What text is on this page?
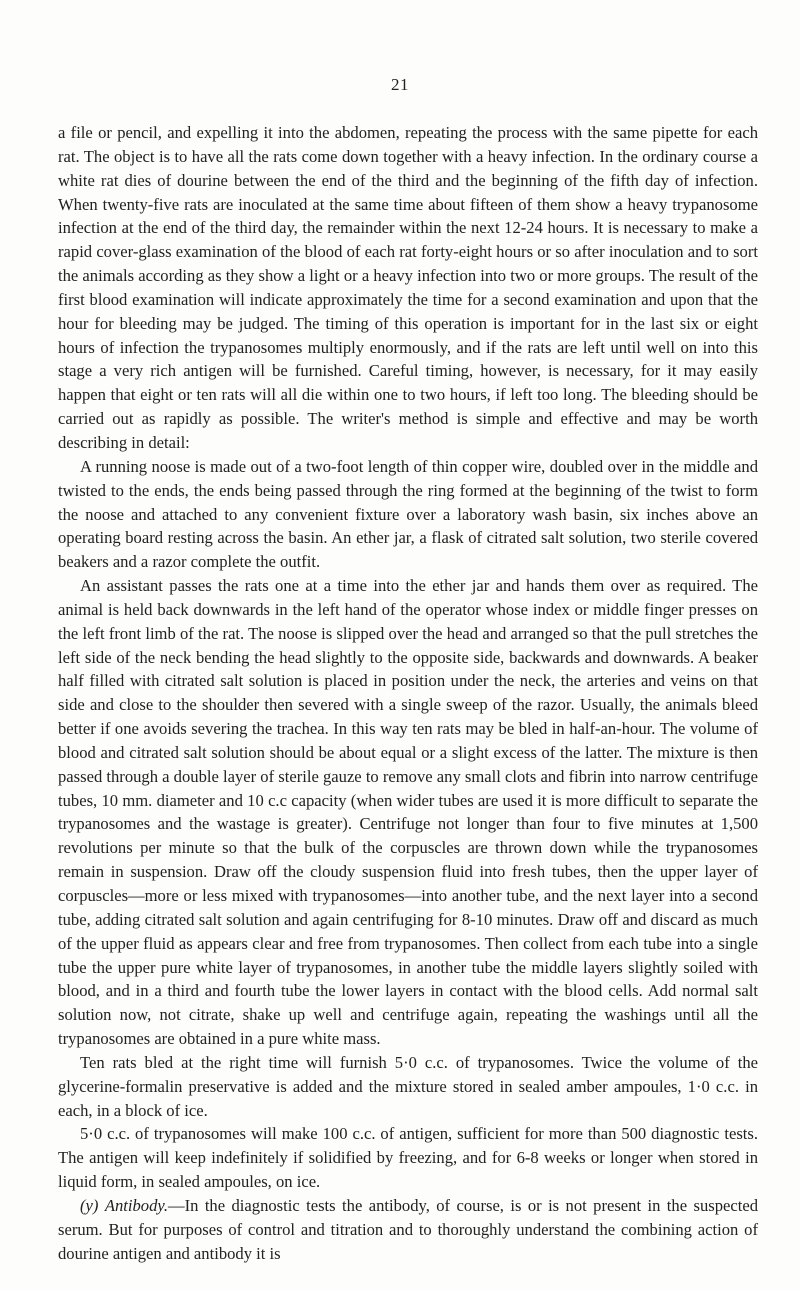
21

a file or pencil, and expelling it into the abdomen, repeating the process with the same pipette for each rat. The object is to have all the rats come down together with a heavy infection. In the ordinary course a white rat dies of dourine between the end of the third and the beginning of the fifth day of infection. When twenty-five rats are inoculated at the same time about fifteen of them show a heavy trypanosome infection at the end of the third day, the remainder within the next 12-24 hours. It is necessary to make a rapid cover-glass examination of the blood of each rat forty-eight hours or so after inoculation and to sort the animals according as they show a light or a heavy infection into two or more groups. The result of the first blood examination will indicate approximately the time for a second examination and upon that the hour for bleeding may be judged. The timing of this operation is important for in the last six or eight hours of infection the trypanosomes multiply enormously, and if the rats are left until well on into this stage a very rich antigen will be furnished. Careful timing, however, is necessary, for it may easily happen that eight or ten rats will all die within one to two hours, if left too long. The bleeding should be carried out as rapidly as possible. The writer's method is simple and effective and may be worth describing in detail:

A running noose is made out of a two-foot length of thin copper wire, doubled over in the middle and twisted to the ends, the ends being passed through the ring formed at the beginning of the twist to form the noose and attached to any convenient fixture over a laboratory wash basin, six inches above an operating board resting across the basin. An ether jar, a flask of citrated salt solution, two sterile covered beakers and a razor complete the outfit.

An assistant passes the rats one at a time into the ether jar and hands them over as required. The animal is held back downwards in the left hand of the operator whose index or middle finger presses on the left front limb of the rat. The noose is slipped over the head and arranged so that the pull stretches the left side of the neck bending the head slightly to the opposite side, backwards and downwards. A beaker half filled with citrated salt solution is placed in position under the neck, the arteries and veins on that side and close to the shoulder then severed with a single sweep of the razor. Usually, the animals bleed better if one avoids severing the trachea. In this way ten rats may be bled in half-an-hour. The volume of blood and citrated salt solution should be about equal or a slight excess of the latter. The mixture is then passed through a double layer of sterile gauze to remove any small clots and fibrin into narrow centrifuge tubes, 10 mm. diameter and 10 c.c capacity (when wider tubes are used it is more difficult to separate the trypanosomes and the wastage is greater). Centrifuge not longer than four to five minutes at 1,500 revolutions per minute so that the bulk of the corpuscles are thrown down while the trypanosomes remain in suspension. Draw off the cloudy suspension fluid into fresh tubes, then the upper layer of corpuscles—more or less mixed with trypanosomes—into another tube, and the next layer into a second tube, adding citrated salt solution and again centrifuging for 8-10 minutes. Draw off and discard as much of the upper fluid as appears clear and free from trypanosomes. Then collect from each tube into a single tube the upper pure white layer of trypanosomes, in another tube the middle layers slightly soiled with blood, and in a third and fourth tube the lower layers in contact with the blood cells. Add normal salt solution now, not citrate, shake up well and centrifuge again, repeating the washings until all the trypanosomes are obtained in a pure white mass.

Ten rats bled at the right time will furnish 5·0 c.c. of trypanosomes. Twice the volume of the glycerine-formalin preservative is added and the mixture stored in sealed amber ampoules, 1·0 c.c. in each, in a block of ice.

5·0 c.c. of trypanosomes will make 100 c.c. of antigen, sufficient for more than 500 diagnostic tests. The antigen will keep indefinitely if solidified by freezing, and for 6-8 weeks or longer when stored in liquid form, in sealed ampoules, on ice.

(y) Antibody.—In the diagnostic tests the antibody, of course, is or is not present in the suspected serum. But for purposes of control and titration and to thoroughly understand the combining action of dourine antigen and antibody it is
